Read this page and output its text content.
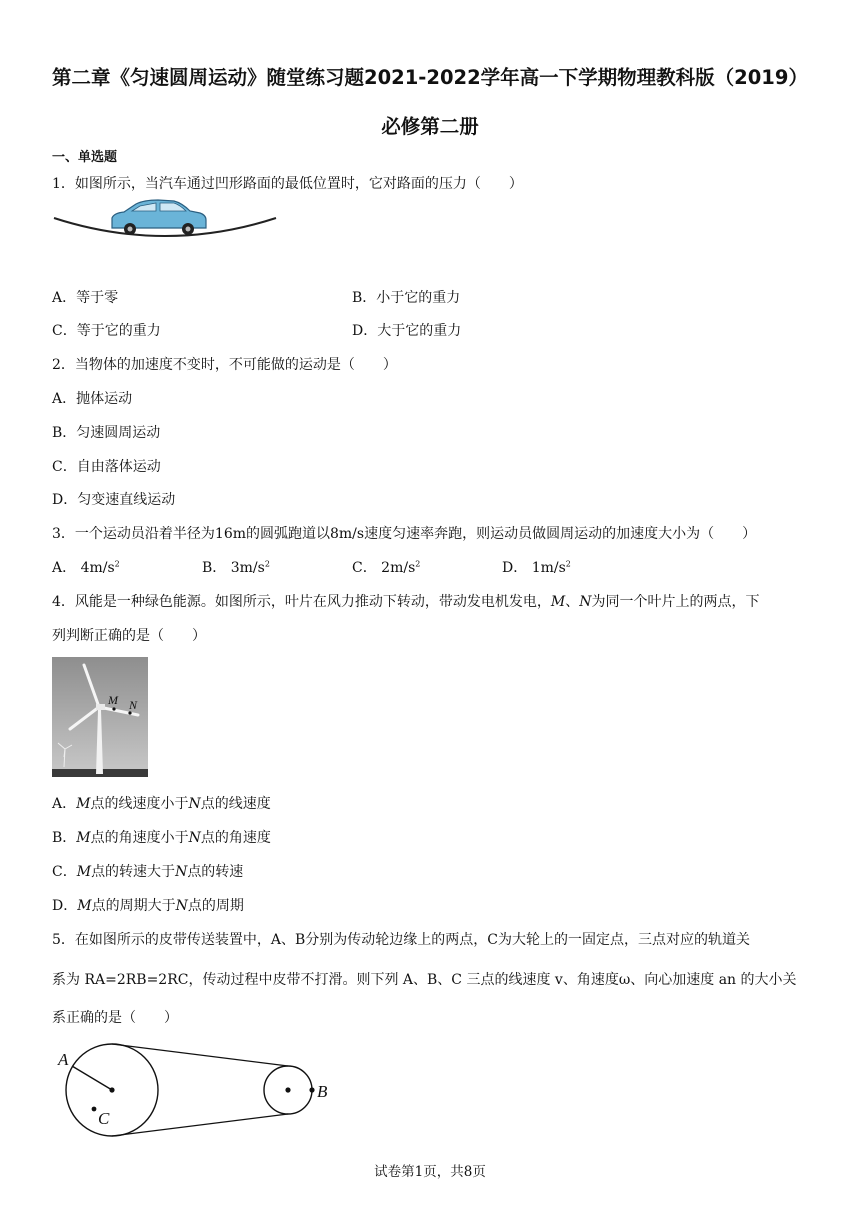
第二章《匀速圆周运动》随堂练习题2021-2022学年高一下学期物理教科版（2019）
必修第二册
一、单选题
1．如图所示，当汽车通过凹形路面的最低位置时，它对路面的压力（　　）
A．等于零	B．小于它的重力
C．等于它的重力	D．大于它的重力
2．当物体的加速度不变时，不可能做的运动是（　　）
A．抛体运动
B．匀速圆周运动
C．自由落体运动
D．匀变速直线运动
3．一个运动员沿着半径为16m的圆弧跑道以8m/s速度匀速率奔跑，则运动员做圆周运动的加速度大小为（　　）
A． $4m/s^2$	B． $3m/s^2$	C． $2m/s^2$	D． $1m/s^2$
4．风能是一种绿色能源。如图所示，叶片在风力推动下转动，带动发电机发电，M、N为同一个叶片上的两点，下
列判断正确的是（　　）
M N
A．M点的线速度小于N点的线速度
B．M点的角速度小于N点的角速度
C．M点的转速大于N点的转速
D．M点的周期大于N点的周期
5．在如图所示的皮带传送装置中，A、B分别为传动轮边缘上的两点，C为大轮上的一固定点，三点对应的轨道关
系为 RA=2RB=2RC，传动过程中皮带不打滑。则下列 A、B、C 三点的线速度 v、角速度ω、向心加速度 an 的大小关
系正确的是（　　）
A
C
B
试卷第1页，共8页
